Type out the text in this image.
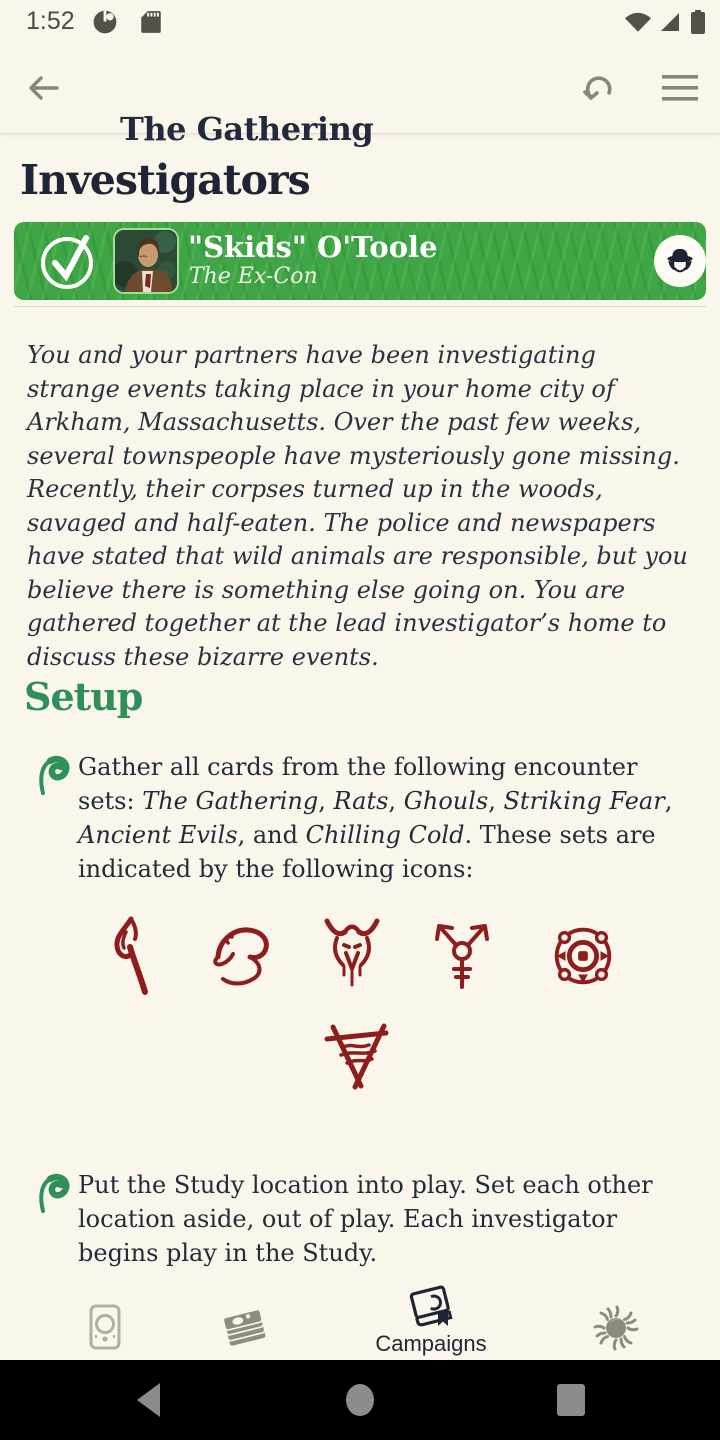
1:52
The Gathering
Investigators
"Skids" O'Toole
The Ex-Con
You and your partners have been investigating strange events taking place in your home city of Arkham, Massachusetts. Over the past few weeks, several townspeople have mysteriously gone missing. Recently, their corpses turned up in the woods, savaged and half-eaten. The police and newspapers have stated that wild animals are responsible, but you believe there is something else going on. You are gathered together at the lead investigator’s home to discuss these bizarre events.
Setup
Gather all cards from the following encounter sets: The Gathering, Rats, Ghouls, Striking Fear, Ancient Evils, and Chilling Cold. These sets are indicated by the following icons:
Put the Study location into play. Set each other location aside, out of play. Each investigator begins play in the Study.
Campaigns
